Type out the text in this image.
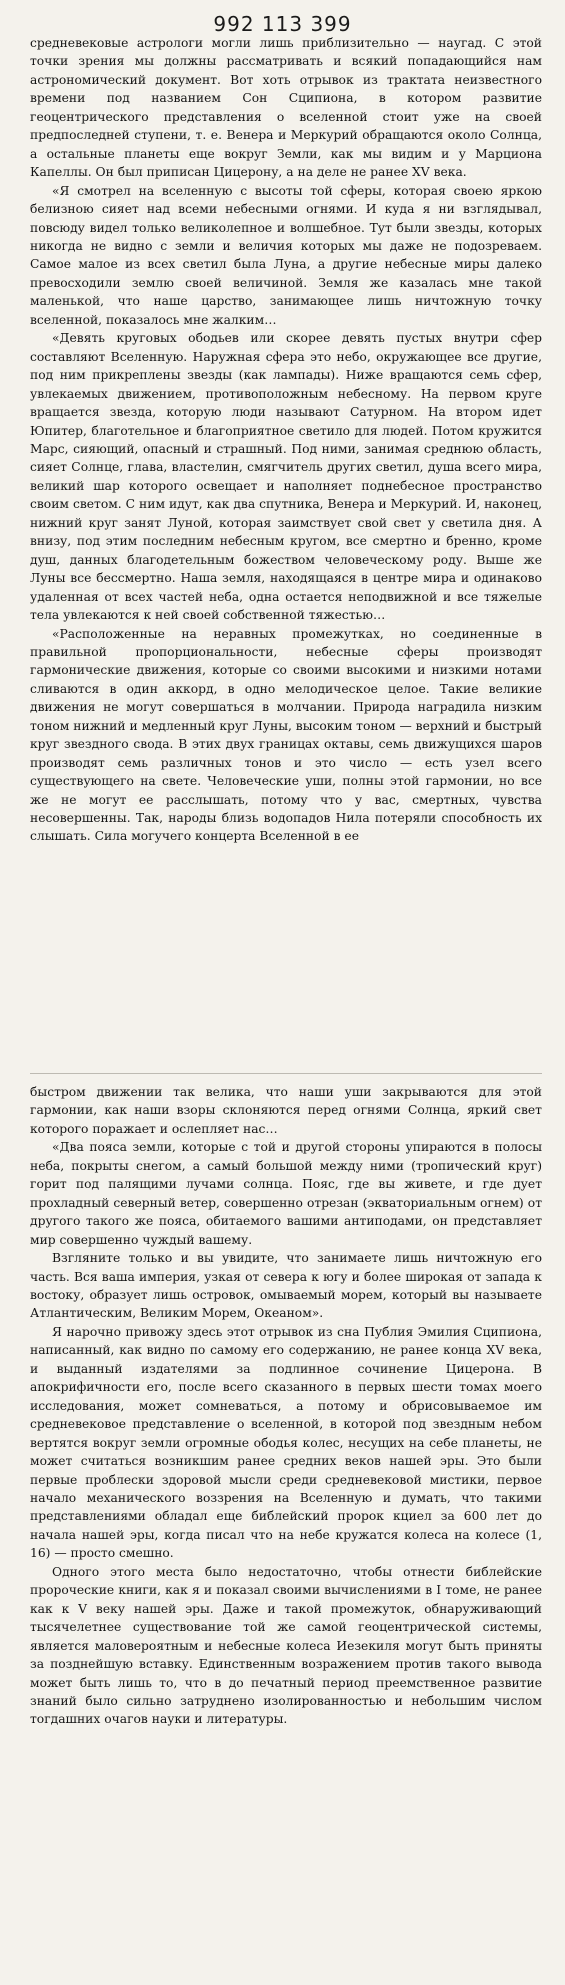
992 113 399

средневековые астрологи могли лишь приблизительно — наугад. С этой точки зрения мы должны рассматривать и всякий попадающийся нам астрономический документ. Вот хоть отрывок из трактата неизвестного времени под названием Сон Сципиона, в котором развитие геоцентрического представления о вселенной стоит уже на своей предпоследней ступени, т. е. Венера и Меркурий обращаются около Солнца, а остальные планеты еще вокруг Земли, как мы видим и у Марциона Капеллы. Он был приписан Цицерону, а на деле не ранее XV века.

«Я смотрел на вселенную с высоты той сферы, которая своею яркою белизною сияет над всеми небесными огнями. И куда я ни взглядывал, повсюду видел только великолепное и волшебное. Тут были звезды, которых никогда не видно с земли и величия которых мы даже не подозреваем. Самое малое из всех светил была Луна, а другие небесные миры далеко превосходили землю своей величиной. Земля же казалась мне такой маленькой, что наше царство, занимающее лишь ничтожную точку вселенной, показалось мне жалким…

«Девять круговых ободьев или скорее девять пустых внутри сфер составляют Вселенную. Наружная сфера это небо, окружающее все другие, под ним прикреплены звезды (как лампады). Ниже вращаются семь сфер, увлекаемых движением, противоположным небесному. На первом круге вращается звезда, которую люди называют Сатурном. На втором идет Юпитер, благотельное и благоприятное светило для людей. Потом кружится Марс, сияющий, опасный и страшный. Под ними, занимая среднюю область, сияет Солнце, глава, властелин, смягчитель других светил, душа всего мира, великий шар которого освещает и наполняет поднебесное пространство своим светом. С ним идут, как два спутника, Венера и Меркурий. И, наконец, нижний круг занят Луной, которая заимствует свой свет у светила дня. А внизу, под этим последним небесным кругом, все смертно и бренно, кроме душ, данных благодетельным божеством человеческому роду. Выше же Луны все бессмертно. Наша земля, находящаяся в центре мира и одинаково удаленная от всех частей неба, одна остается неподвижной и все тяжелые тела увлекаются к ней своей собственной тяжестью…

«Расположенные на неравных промежутках, но соединенные в правильной пропорциональности, небесные сферы производят гармонические движения, которые со своими высокими и низкими нотами сливаются в один аккорд, в одно мелодическое целое. Такие великие движения не могут совершаться в молчании. Природа наградила низким тоном нижний и медленный круг Луны, высоким тоном — верхний и быстрый круг звездного свода. В этих двух границах октавы, семь движущихся шаров производят семь различных тонов и это число — есть узел всего существующего на свете. Человеческие уши, полны этой гармонии, но все же не могут ее расслышать, потому что у вас, смертных, чувства несовершенны. Так, народы близь водопадов Нила потеряли способность их слышать. Сила могучего концерта Вселенной в ее

быстром движении так велика, что наши уши закрываются для этой гармонии, как наши взоры склоняются перед огнями Солнца, яркий свет которого поражает и ослепляет нас…

«Два пояса земли, которые с той и другой стороны упираются в полосы неба, покрыты снегом, а самый большой между ними (тропический круг) горит под палящими лучами солнца. Пояс, где вы живете, и где дует прохладный северный ветер, совершенно отрезан (экваториальным огнем) от другого такого же пояса, обитаемого вашими антиподами, он представляет мир совершенно чуждый вашему.

Взгляните только и вы увидите, что занимаете лишь ничтожную его часть. Вся ваша империя, узкая от севера к югу и более широкая от запада к востоку, образует лишь островок, омываемый морем, который вы называете Атлантическим, Великим Морем, Океаном».

Я нарочно привожу здесь этот отрывок из сна Публия Эмилия Сципиона, написанный, как видно по самому его содержанию, не ранее конца XV века, и выданный издателями за подлинное сочинение Цицерона. В апокрифичности его, после всего сказанного в первых шести томах моего исследования, может сомневаться, а потому и обрисовываемое им средневековое представление о вселенной, в которой под звездным небом вертятся вокруг земли огромные ободья колес, несущих на себе планеты, не может считаться возникшим ранее средних веков нашей эры. Это были первые проблески здоровой мысли среди средневековой мистики, первое начало механического воззрения на Вселенную и думать, что такими представлениями обладал еще библейский пророк кциел за 600 лет до начала нашей эры, когда писал что на небе кружатся колеса на колесе (1, 16) — просто смешно.

Одного этого места было недостаточно, чтобы отнести библейские пророческие книги, как я и показал своими вычислениями в I томе, не ранее как к V веку нашей эры. Даже и такой промежуток, обнаруживающий тысячелетнее существование той же самой геоцентрической системы, является маловероятным и небесные колеса Иезекиля могут быть приняты за позднейшую вставку. Единственным возражением против такого вывода может быть лишь то, что в до печатный период преемственное развитие знаний было сильно затруднено изолированностью и небольшим числом тогдашних очагов науки и литературы.
